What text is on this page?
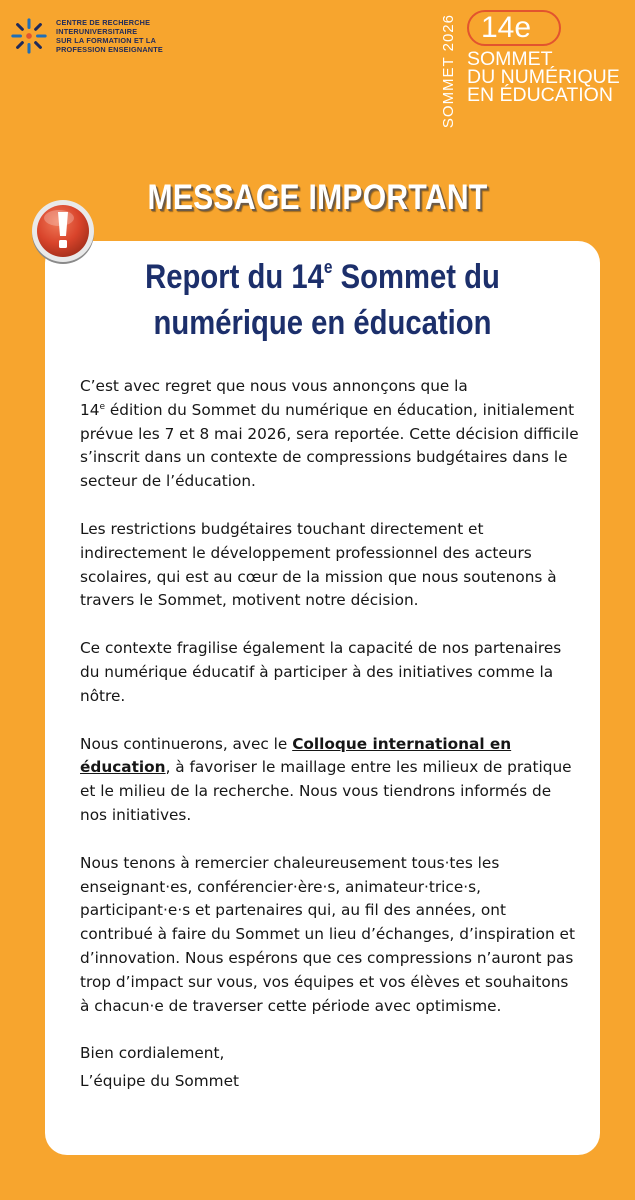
CENTRE DE RECHERCHE
INTERUNIVERSITAIRE
SUR LA FORMATION ET LA
PROFESSION ENSEIGNANTE	SOMMET 2026 14e
SOMMET
DU NUMÉRIQUE
EN ÉDUCATION
MESSAGE IMPORTANT
Report du 14e Sommet du
numérique en éducation

C’est avec regret que nous vous annonçons que la
14e édition du Sommet du numérique en éducation, initialement prévue les 7 et 8 mai 2026, sera reportée. Cette décision difficile s’inscrit dans un contexte de compressions budgétaires dans le secteur de l’éducation.

Les restrictions budgétaires touchant directement et indirectement le développement professionnel des acteurs scolaires, qui est au cœur de la mission que nous soutenons à travers le Sommet, motivent notre décision.

Ce contexte fragilise également la capacité de nos partenaires du numérique éducatif à participer à des initiatives comme la nôtre.

Nous continuerons, avec le Colloque international en éducation, à favoriser le maillage entre les milieux de pratique et le milieu de la recherche. Nous vous tiendrons informés de nos initiatives.

Nous tenons à remercier chaleureusement tous·tes les enseignant·es, conférencier·ère·s, animateur·trice·s, participant·e·s et partenaires qui, au fil des années, ont contribué à faire du Sommet un lieu d’échanges, d’inspiration et d’innovation. Nous espérons que ces compressions n’auront pas trop d’impact sur vous, vos équipes et vos élèves et souhaitons à chacun·e de traverser cette période avec optimisme.

Bien cordialement,
L’équipe du Sommet
